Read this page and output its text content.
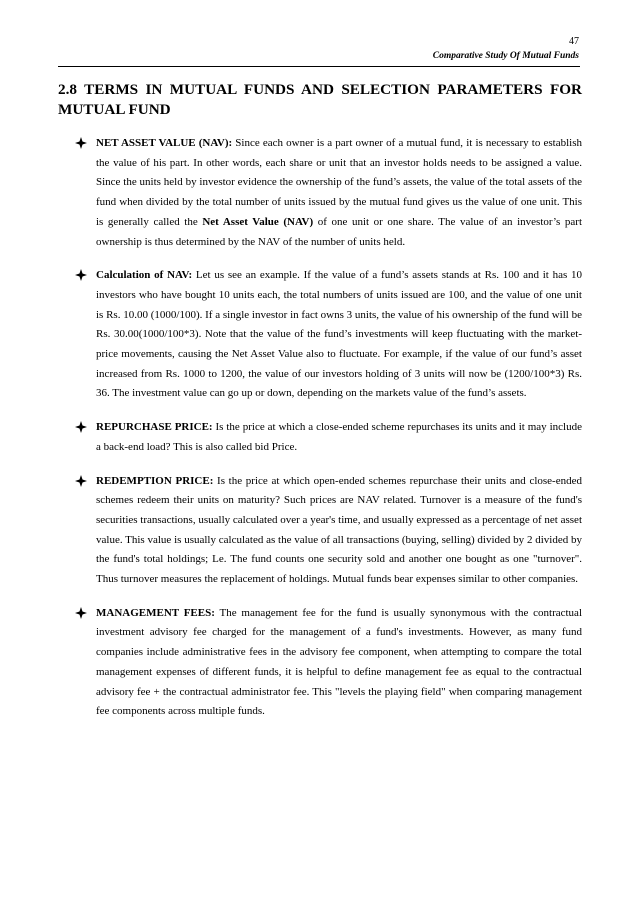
47
Comparative Study Of Mutual Funds
2.8 TERMS IN MUTUAL FUNDS AND SELECTION PARAMETERS FOR MUTUAL FUND
NET ASSET VALUE (NAV): Since each owner is a part owner of a mutual fund, it is necessary to establish the value of his part. In other words, each share or unit that an investor holds needs to be assigned a value. Since the units held by investor evidence the ownership of the fund’s assets, the value of the total assets of the fund when divided by the total number of units issued by the mutual fund gives us the value of one unit. This is generally called the Net Asset Value (NAV) of one unit or one share. The value of an investor’s part ownership is thus determined by the NAV of the number of units held.
Calculation of NAV: Let us see an example. If the value of a fund’s assets stands at Rs. 100 and it has 10 investors who have bought 10 units each, the total numbers of units issued are 100, and the value of one unit is Rs. 10.00 (1000/100). If a single investor in fact owns 3 units, the value of his ownership of the fund will be Rs. 30.00(1000/100*3). Note that the value of the fund’s investments will keep fluctuating with the market-price movements, causing the Net Asset Value also to fluctuate. For example, if the value of our fund’s asset increased from Rs. 1000 to 1200, the value of our investors holding of 3 units will now be (1200/100*3) Rs. 36. The investment value can go up or down, depending on the markets value of the fund’s assets.
REPURCHASE PRICE: Is the price at which a close-ended scheme repurchases its units and it may include a back-end load? This is also called bid Price.
REDEMPTION PRICE: Is the price at which open-ended schemes repurchase their units and close-ended schemes redeem their units on maturity? Such prices are NAV related. Turnover is a measure of the fund's securities transactions, usually calculated over a year's time, and usually expressed as a percentage of net asset value. This value is usually calculated as the value of all transactions (buying, selling) divided by 2 divided by the fund's total holdings; Le. The fund counts one security sold and another one bought as one "turnover". Thus turnover measures the replacement of holdings. Mutual funds bear expenses similar to other companies.
MANAGEMENT FEES: The management fee for the fund is usually synonymous with the contractual investment advisory fee charged for the management of a fund's investments. However, as many fund companies include administrative fees in the advisory fee component, when attempting to compare the total management expenses of different funds, it is helpful to define management fee as equal to the contractual advisory fee + the contractual administrator fee. This "levels the playing field" when comparing management fee components across multiple funds.
